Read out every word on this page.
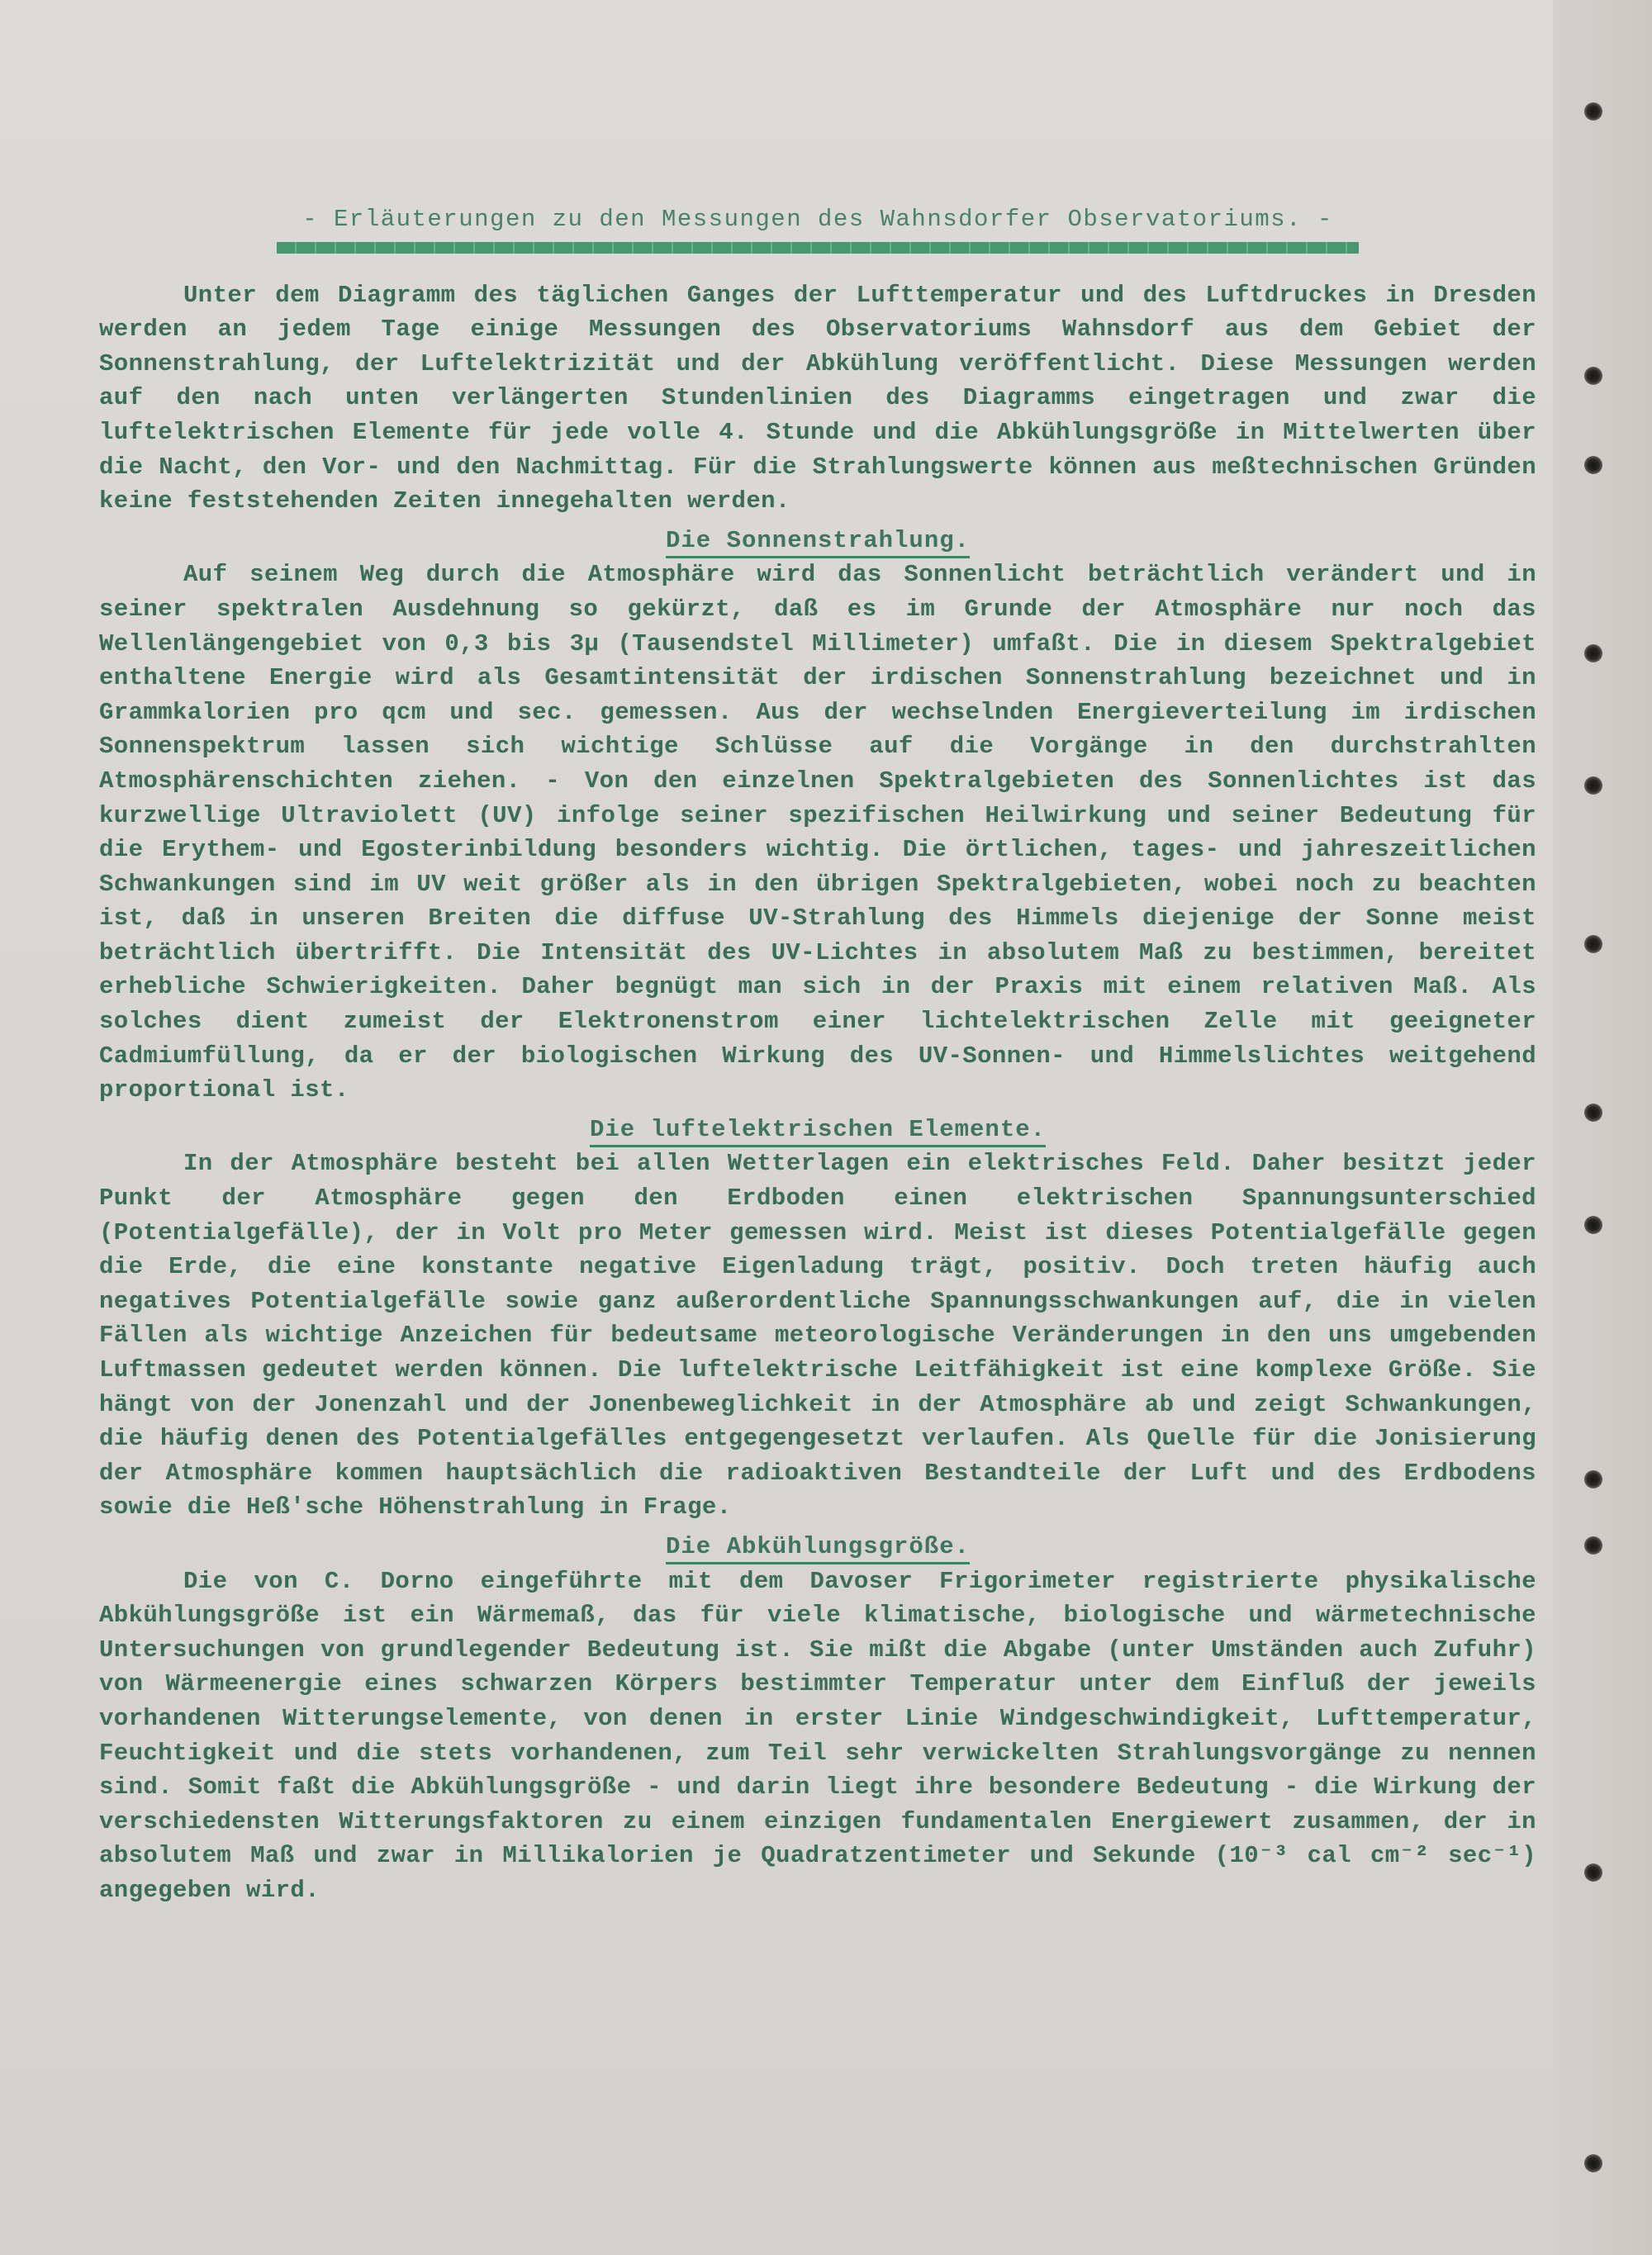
- Erläuterungen zu den Messungen des Wahnsdorfer Observatoriums. -

Unter dem Diagramm des täglichen Ganges der Lufttemperatur und des Luftdruckes in Dresden werden an jedem Tage einige Messungen des Observatoriums Wahnsdorf aus dem Gebiet der Sonnenstrahlung, der Luftelektrizität und der Abkühlung veröffentlicht. Diese Messungen werden auf den nach unten verlängerten Stundenlinien des Diagramms eingetragen und zwar die luftelektrischen Elemente für jede volle 4. Stunde und die Abkühlungsgröße in Mittelwerten über die Nacht, den Vor- und den Nachmittag. Für die Strahlungswerte können aus meßtechnischen Gründen keine feststehenden Zeiten innegehalten werden.

Die Sonnenstrahlung.

Auf seinem Weg durch die Atmosphäre wird das Sonnenlicht beträchtlich verändert und in seiner spektralen Ausdehnung so gekürzt, daß es im Grunde der Atmosphäre nur noch das Wellenlängengebiet von 0,3 bis 3μ (Tausendstel Millimeter) umfaßt. Die in diesem Spektralgebiet enthaltene Energie wird als Gesamtintensität der irdischen Sonnenstrahlung bezeichnet und in Grammkalorien pro qcm und sec. gemessen. Aus der wechselnden Energieverteilung im irdischen Sonnenspektrum lassen sich wichtige Schlüsse auf die Vorgänge in den durchstrahlten Atmosphärenschichten ziehen. - Von den einzelnen Spektralgebieten des Sonnenlichtes ist das kurzwellige Ultraviolett (UV) infolge seiner spezifischen Heilwirkung und seiner Bedeutung für die Erythem- und Egosterinbildung besonders wichtig. Die örtlichen, tages- und jahreszeitlichen Schwankungen sind im UV weit größer als in den übrigen Spektralgebieten, wobei noch zu beachten ist, daß in unseren Breiten die diffuse UV-Strahlung des Himmels diejenige der Sonne meist beträchtlich übertrifft. Die Intensität des UV-Lichtes in absolutem Maß zu bestimmen, bereitet erhebliche Schwierigkeiten. Daher begnügt man sich in der Praxis mit einem relativen Maß. Als solches dient zumeist der Elektronenstrom einer lichtelektrischen Zelle mit geeigneter Cadmiumfüllung, da er der biologischen Wirkung des UV-Sonnen- und Himmelslichtes weitgehend proportional ist.

Die luftelektrischen Elemente.

In der Atmosphäre besteht bei allen Wetterlagen ein elektrisches Feld. Daher besitzt jeder Punkt der Atmosphäre gegen den Erdboden einen elektrischen Spannungsunterschied (Potentialgefälle), der in Volt pro Meter gemessen wird. Meist ist dieses Potentialgefälle gegen die Erde, die eine konstante negative Eigenladung trägt, positiv. Doch treten häufig auch negatives Potentialgefälle sowie ganz außerordentliche Spannungsschwankungen auf, die in vielen Fällen als wichtige Anzeichen für bedeutsame meteorologische Veränderungen in den uns umgebenden Luftmassen gedeutet werden können. Die luftelektrische Leitfähigkeit ist eine komplexe Größe. Sie hängt von der Jonenzahl und der Jonenbeweglichkeit in der Atmosphäre ab und zeigt Schwankungen, die häufig denen des Potentialgefälles entgegengesetzt verlaufen. Als Quelle für die Jonisierung der Atmosphäre kommen hauptsächlich die radioaktiven Bestandteile der Luft und des Erdbodens sowie die Heß'sche Höhenstrahlung in Frage.

Die Abkühlungsgröße.

Die von C. Dorno eingeführte mit dem Davoser Frigorimeter registrierte physikalische Abkühlungsgröße ist ein Wärmemaß, das für viele klimatische, biologische und wärmetechnische Untersuchungen von grundlegender Bedeutung ist. Sie mißt die Abgabe (unter Umständen auch Zufuhr) von Wärmeenergie eines schwarzen Körpers bestimmter Temperatur unter dem Einfluß der jeweils vorhandenen Witterungselemente, von denen in erster Linie Windgeschwindigkeit, Lufttemperatur, Feuchtigkeit und die stets vorhandenen, zum Teil sehr verwickelten Strahlungsvorgänge zu nennen sind. Somit faßt die Abkühlungsgröße - und darin liegt ihre besondere Bedeutung - die Wirkung der verschiedensten Witterungsfaktoren zu einem einzigen fundamentalen Energiewert zusammen, der in absolutem Maß und zwar in Millikalorien je Quadratzentimeter und Sekunde (10⁻³ cal cm⁻² sec⁻¹) angegeben wird.
